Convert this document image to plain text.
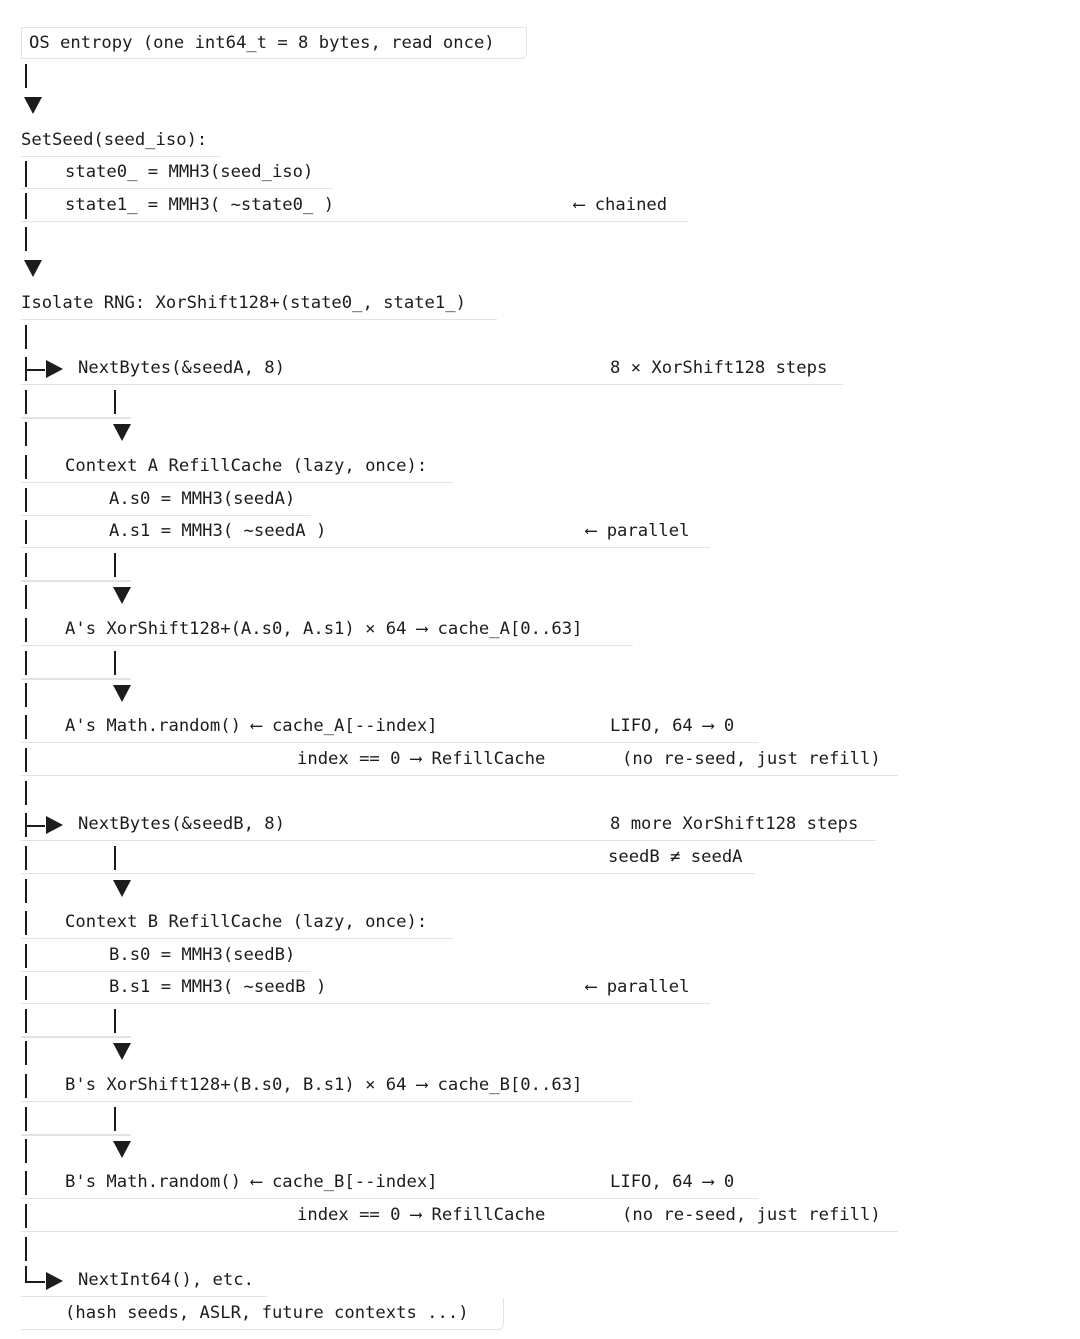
OS entropy (one int64_t = 8 bytes, read once)
SetSeed(seed_iso):
state0_ = MMH3(seed_iso)
state1_ = MMH3( ~state0_ )	⟵ chained
Isolate RNG: XorShift128+(state0_, state1_)
NextBytes(&seedA, 8)	8 × XorShift128 steps
Context A RefillCache (lazy, once):
A.s0 = MMH3(seedA)
A.s1 = MMH3( ~seedA )	⟵ parallel
A's XorShift128+(A.s0, A.s1) × 64 ⟶ cache_A[0..63]
A's Math.random() ⟵ cache_A[--index]	LIFO, 64 ⟶ 0
index == 0 ⟶ RefillCache	(no re-seed, just refill)
NextBytes(&seedB, 8)	8 more XorShift128 steps
seedB ≠ seedA
Context B RefillCache (lazy, once):
B.s0 = MMH3(seedB)
B.s1 = MMH3( ~seedB )	⟵ parallel
B's XorShift128+(B.s0, B.s1) × 64 ⟶ cache_B[0..63]
B's Math.random() ⟵ cache_B[--index]	LIFO, 64 ⟶ 0
index == 0 ⟶ RefillCache	(no re-seed, just refill)
NextInt64(), etc.
(hash seeds, ASLR, future contexts ...)
